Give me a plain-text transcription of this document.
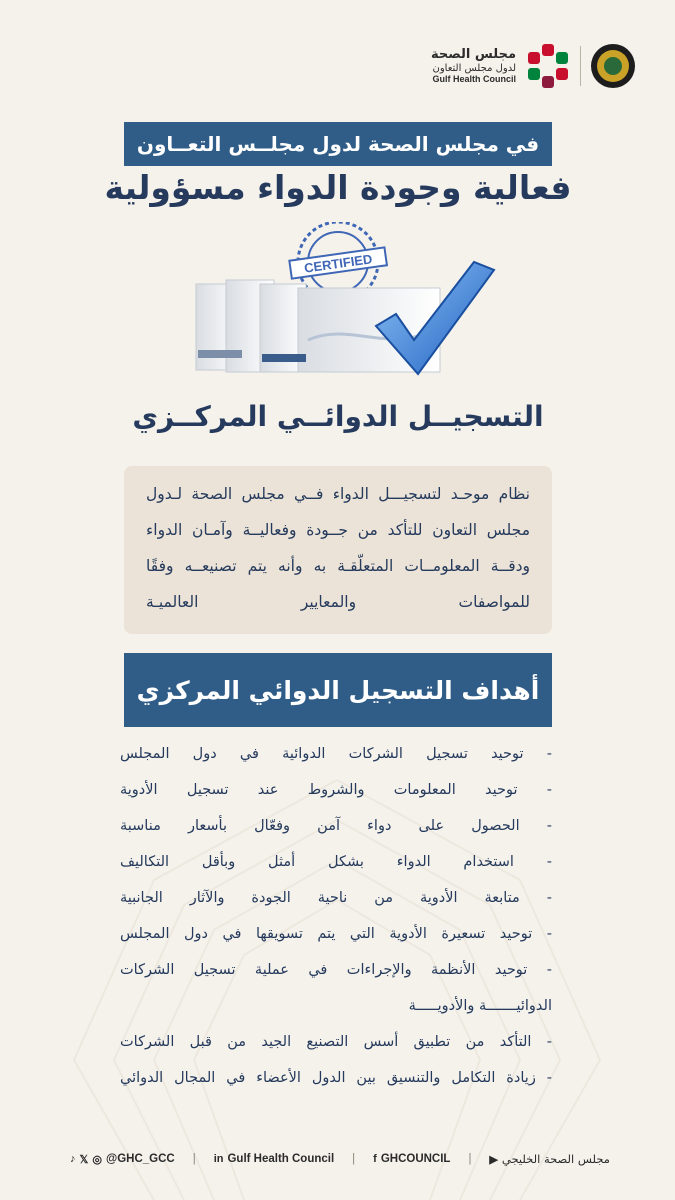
مجلس الصحة
لدول مجلس التعاون
Gulf Health Council
في مجلس الصحة لدول مجلــس التعــاون
فعالية وجودة الدواء مسؤولية
CERTIFIED
التسجيــل الدوائــي المركــزي
نظام موحـد لتسجيـــل الدواء فــي مجلس الصحة لـدول مجلس التعاون للتأكد من جــودة وفعاليــة وآمـان الدواء ودقــة المعلومــات المتعلّقـة به وأنه يتم تصنيعــه وفقًا للمواصفات والمعايير العالميـة
أهداف التسجيل الدوائي المركزي
- توحيد تسجيل الشركات الدوائية في دول المجلس
- توحيد المعلومات والشروط عند تسجيل الأدوية
- الحصول على دواء آمن وفعّال بأسعار مناسبة
- استخدام الدواء بشكل أمثل وبأقل التكاليف
- متابعة الأدوية من ناحية الجودة والآثار الجانبية
- توحيد تسعيرة الأدوية التي يتم تسويقها في دول المجلس
- توحيد الأنظمة والإجراءات في عملية تسجيل الشركات
الدوائيـــــــة والأدويـــــة
- التأكد من تطبيق أسس التصنيع الجيد من قبل الشركات
- زيادة التكامل والتنسيق بين الدول الأعضاء في المجال الدوائي
♪ 𝕏 ◎ @GHC_GCC | in Gulf Health Council | f GHCOUNCIL | ▶ مجلس الصحة الخليجي
